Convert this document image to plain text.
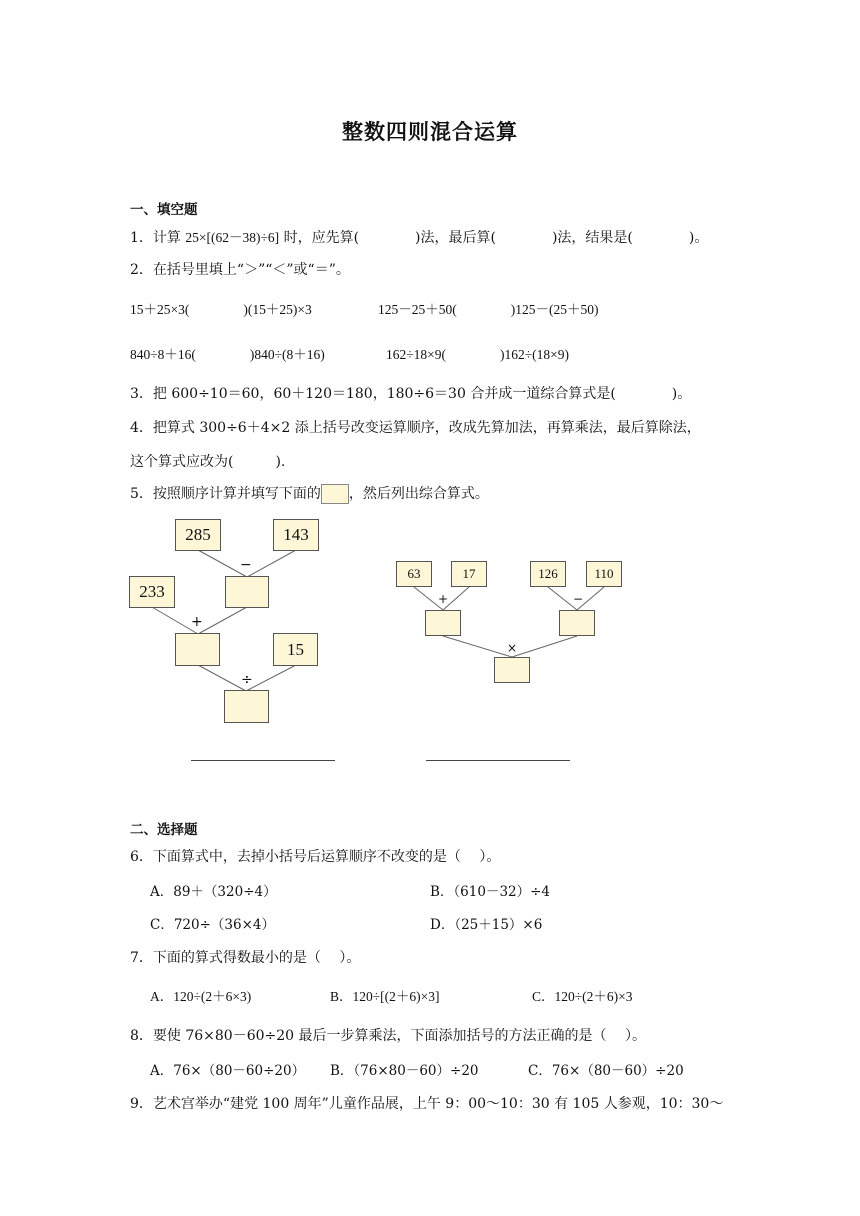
整数四则混合运算
一、填空题
1．计算 25×[(62－38)÷6] 时，应先算(　　　　)法，最后算(　　　　)法，结果是(　　　　)。
2．在括号里填上“＞”“＜”或“＝”。
15＋25×3(　　　　)(15＋25)×3	125－25＋50(　　　　)125－(25＋50)
840÷8＋16(　　　　)840÷(8＋16)	162÷18×9(　　　　)162÷(18×9)
3．把 600÷10＝60，60＋120＝180，180÷6＝30 合并成一道综合算式是(　　　　)。
4．把算式 300÷6＋4×2 添上括号改变运算顺序，改成先算加法，再算乘法，最后算除法，
这个算式应改为(　　　).
5．按照顺序计算并填写下面的 ，然后列出综合算式。
285	143
−
233
+
15
÷
63	17	126	110
+	−
×
二、选择题
6．下面算式中，去掉小括号后运算顺序不改变的是（　 ）。
A．89＋（320÷4）	B．（610－32）÷4
C．720÷（36×4）	D．（25＋15）×6
7．下面的算式得数最小的是（　 ）。
A．120÷(2＋6×3)	B．120÷[(2＋6)×3]	C．120÷(2＋6)×3
8．要使 76×80－60÷20 最后一步算乘法，下面添加括号的方法正确的是（　 ）。
A．76×（80－60÷20） B．（76×80－60）÷20	C．76×（80－60）÷20
9．艺术宫举办“建党 100 周年”儿童作品展，上午 9：00～10：30 有 105 人参观，10：30～
